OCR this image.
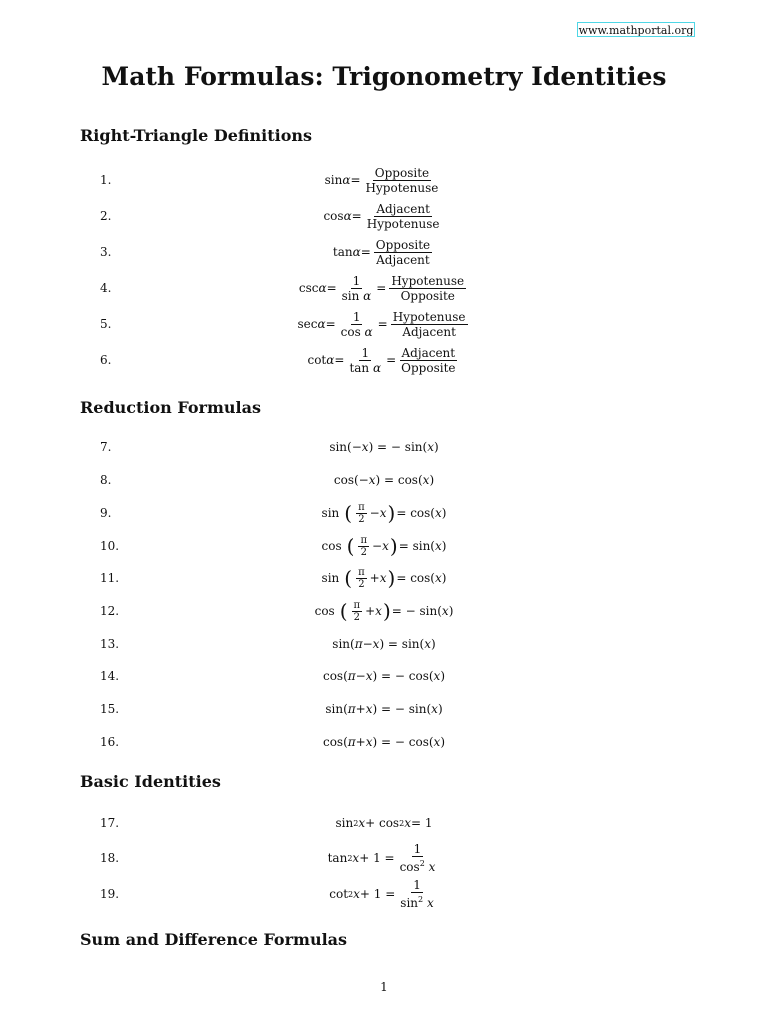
www.mathportal.org
Math Formulas: Trigonometry Identities
Right-Triangle Definitions
1.	$\sin \alpha = \frac{\text{Opposite}}{\text{Hypotenuse}}$
2.	$\cos \alpha = \frac{\text{Adjacent}}{\text{Hypotenuse}}$
3.	$\tan \alpha = \frac{\text{Opposite}}{\text{Adjacent}}$
4.	$\csc \alpha = \frac{1}{\text{sin α}} = \frac{\text{Hypotenuse}}{\text{Opposite}}$
5.	$\sec \alpha = \frac{1}{\text{cos α}} = \frac{\text{Hypotenuse}}{\text{Adjacent}}$
6.	$\cot \alpha = \frac{1}{\text{tan α}} = \frac{\text{Adjacent}}{\text{Opposite}}$
Reduction Formulas
7.	sin(− x ) = − sin( x )
8.	cos(− x ) = cos( x )
9.	sin ( $\frac{\pi}{2} - x$ ) = cos( x )
10.	cos ( $\frac{\pi}{2} - x$ ) = sin( x )
11.	sin ( $\frac{\pi}{2} + x$ ) = cos( x )
12.	cos ( $\frac{\pi}{2} + x$ ) = − sin( x )
13.	sin( π − x ) = sin( x )
14.	cos( π − x ) = − cos( x )
15.	sin( π + x ) = − sin( x )
16.	cos( π + x ) = − cos( x )
Basic Identities
17.	sin 2 x + cos 2 x = 1
18.	tan 2 $x + 1 = \frac{1}{\cos^2 x}$
19.	cot 2 $x + 1 = \frac{1}{\sin^2 x}$
Sum and Difference Formulas
1
